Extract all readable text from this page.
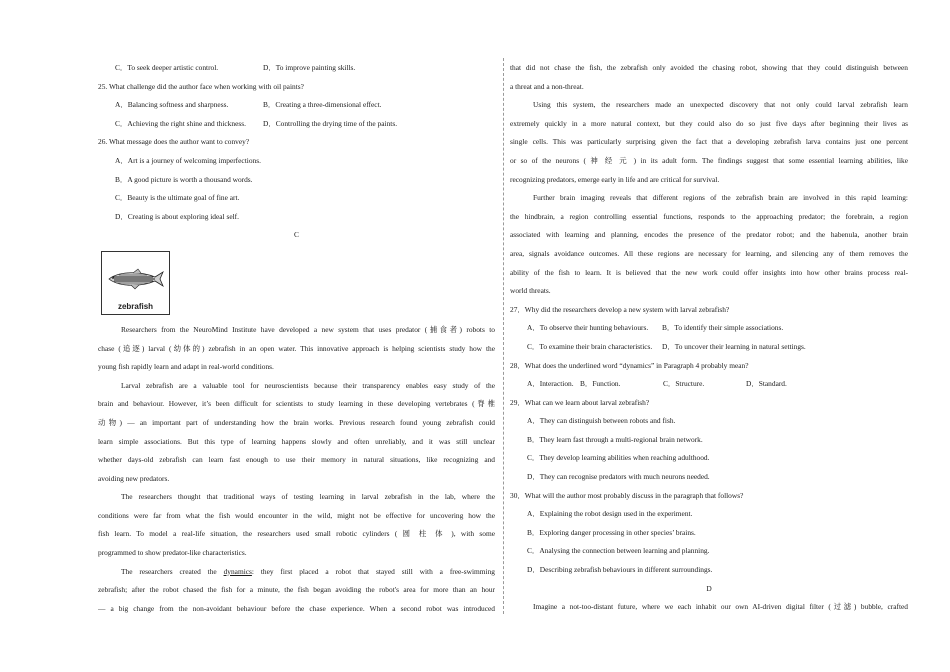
C．To seek deeper artistic control.	D．To improve painting skills.
25. What challenge did the author face when working with oil paints?
A．Balancing softness and sharpness.	B．Creating a three-dimensional effect.
C．Achieving the right shine and thickness. D．Controlling the drying time of the paints.
26. What message does the author want to convey?
A．Art is a journey of welcoming imperfections.
B．A good picture is worth a thousand words.
C．Beauty is the ultimate goal of fine art.
D．Creating is about exploring ideal self.
C
zebrafish
Researchers from the NeuroMind Institute have developed a new system that uses predator (捕食者) robots to
chase (追逐) larval (幼体的) zebrafish in an open water. This innovative approach is helping scientists study how the
young fish rapidly learn and adapt in real-world conditions.
Larval zebrafish are a valuable tool for neuroscientists because their transparency enables easy study of the
brain and behaviour. However, it’s been difficult for scientists to study learning in these developing vertebrates (脊椎
动物) — an important part of understanding how the brain works. Previous research found young zebrafish could
learn simple associations. But this type of learning happens slowly and often unreliably, and it was still unclear
whether days-old zebrafish can learn fast enough to use their memory in natural situations, like recognizing and
avoiding new predators.
The researchers thought that traditional ways of testing learning in larval zebrafish in the lab, where the
conditions were far from what the fish would encounter in the wild, might not be effective for uncovering how the
fish learn. To model a real-life situation, the researchers used small robotic cylinders ( 圆 柱 体 ), with some
programmed to show predator-like characteristics.
The researchers created the dynamics: they first placed a robot that stayed still with a free-swimming
zebrafish; after the robot chased the fish for a minute, the fish began avoiding the robot's area for more than an hour
— a big change from the non-avoidant behaviour before the chase experience. When a second robot was introduced
that did not chase the fish, the zebrafish only avoided the chasing robot, showing that they could distinguish between
a threat and a non-threat.
Using this system, the researchers made an unexpected discovery that not only could larval zebrafish learn
extremely quickly in a more natural context, but they could also do so just five days after beginning their lives as
single cells. This was particularly surprising given the fact that a developing zebrafish larva contains just one percent
or so of the neurons ( 神 经 元 ) in its adult form. The findings suggest that some essential learning abilities, like
recognizing predators, emerge early in life and are critical for survival.
Further brain imaging reveals that different regions of the zebrafish brain are involved in this rapid learning:
the hindbrain, a region controlling essential functions, responds to the approaching predator; the forebrain, a region
associated with learning and planning, encodes the presence of the predator robot; and the habenula, another brain
area, signals avoidance outcomes. All these regions are necessary for learning, and silencing any of them removes the
ability of the fish to learn. It is believed that the new work could offer insights into how other brains process real-
world threats.
27．Why did the researchers develop a new system with larval zebrafish?
A．To observe their hunting behaviours. B．To identify their simple associations.
C．To examine their brain characteristics. D．To uncover their learning in natural settings.
28．What does the underlined word “dynamics” in Paragraph 4 probably mean?
A．Interaction. B．Function.	C．Structure.	D．Standard.
29．What can we learn about larval zebrafish?
A．They can distinguish between robots and fish.
B．They learn fast through a multi-regional brain network.
C．They develop learning abilities when reaching adulthood.
D．They can recognise predators with much neurons needed.
30．What will the author most probably discuss in the paragraph that follows?
A．Explaining the robot design used in the experiment.
B．Exploring danger processing in other species’ brains.
C．Analysing the connection between learning and planning.
D．Describing zebrafish behaviours in different surroundings.
D
Imagine a not-too-distant future, where we each inhabit our own AI-driven digital filter (过滤) bubble, crafted
